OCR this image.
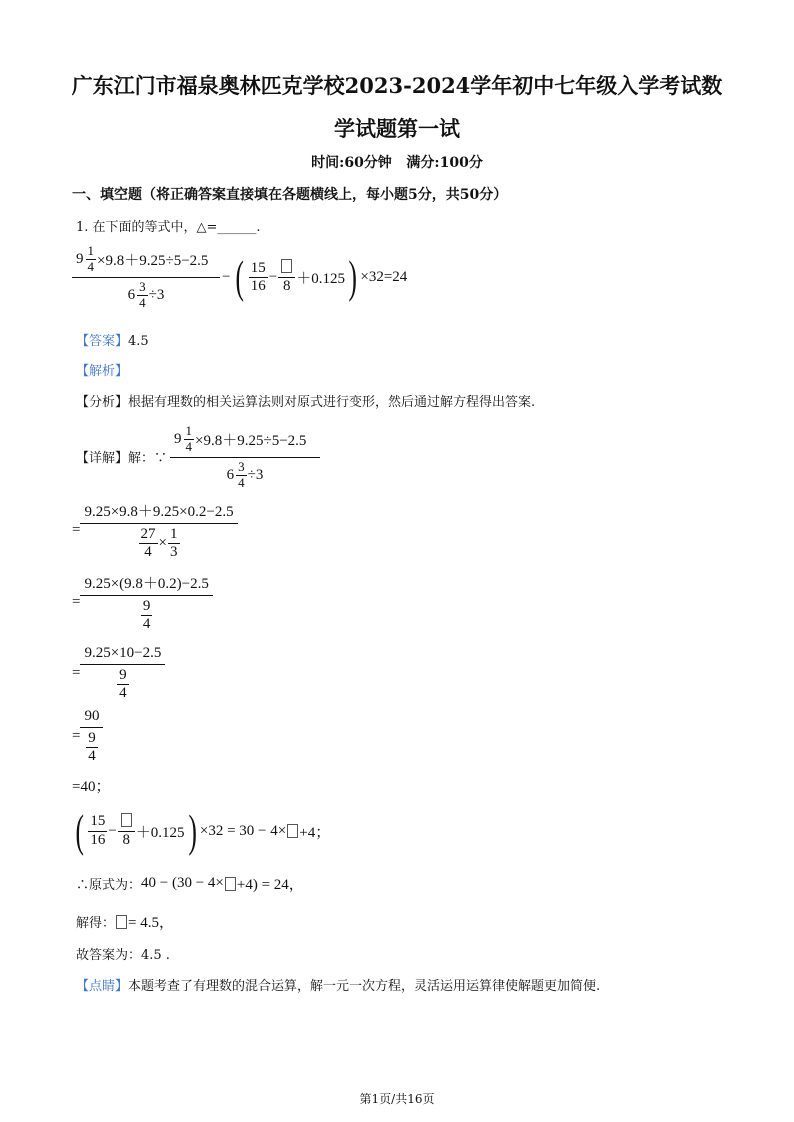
广东江门市福泉奥林匹克学校2023-2024学年初中七年级入学考试数
学试题第一试
时间:60分钟   满分:100分
一、填空题（将正确答案直接填在各题横线上，每小题5分，共50分）
1. 在下面的等式中，△=______.
$9 \frac{1}{4} \times 9.8+9.25\div 5-2.5$
$6 \frac{3}{4} \div 3$
− ( $\frac{15}{16}$ −
8 ＋0.125 ) ×32=24
【答案】4.5
【解析】
【分析】根据有理数的相关运算法则对原式进行变形，然后通过解方程得出答案.
【详解】解：∵
$9 \frac{1}{4} \times 9.8+9.25\div 5-2.5$
$6 \frac{3}{4} \div 3$
= $\frac{9.25\times 9.8+9.25\times 0.2-2.5}{\frac{27}{4} \times \frac{1}{3}}$
= $\frac{9.25\times(9.8+0.2)-2.5}{\frac{9}{4}}$
= $\frac{9.25\times 10-2.5}{\frac{9}{4}}$
= $\frac{90}{\frac{9}{4}}$
=40；
( $\frac{15}{16}$ −
8 ＋0.125 ) ×32 = 30 − 4× +4；
∴原式为： 40 − (30 − 4× +4) = 24，
解得： = 4.5，
故答案为：4.5 .
【点睛】本题考查了有理数的混合运算，解一元一次方程，灵活运用运算律使解题更加简便.
第1页/共16页
